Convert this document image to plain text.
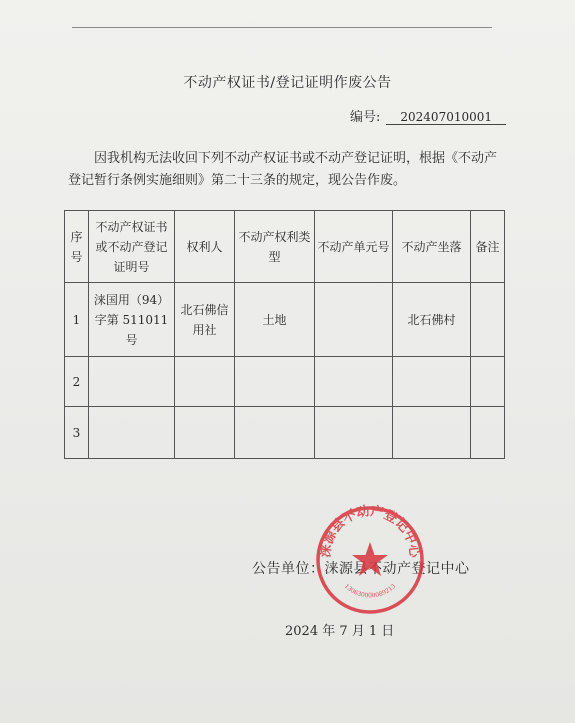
不动产权证书/登记证明作废公告
编号: 202407010001
因我机构无法收回下列不动产权证书或不动产登记证明，根据《不动产登记暂行条例实施细则》第二十三条的规定，现公告作废。
序号	不动产权证书或不动产登记证明号	权利人	不动产权利类型	不动产单元号	不动产坐落	备注
1	涞国用（94）字第 511011 号	北石佛信用社	土地		北石佛村	
2						
3						
公告单位：涞源县不动产登记中心
2024 年 7 月 1 日
涞源县不动产登记中心
130630000089213
